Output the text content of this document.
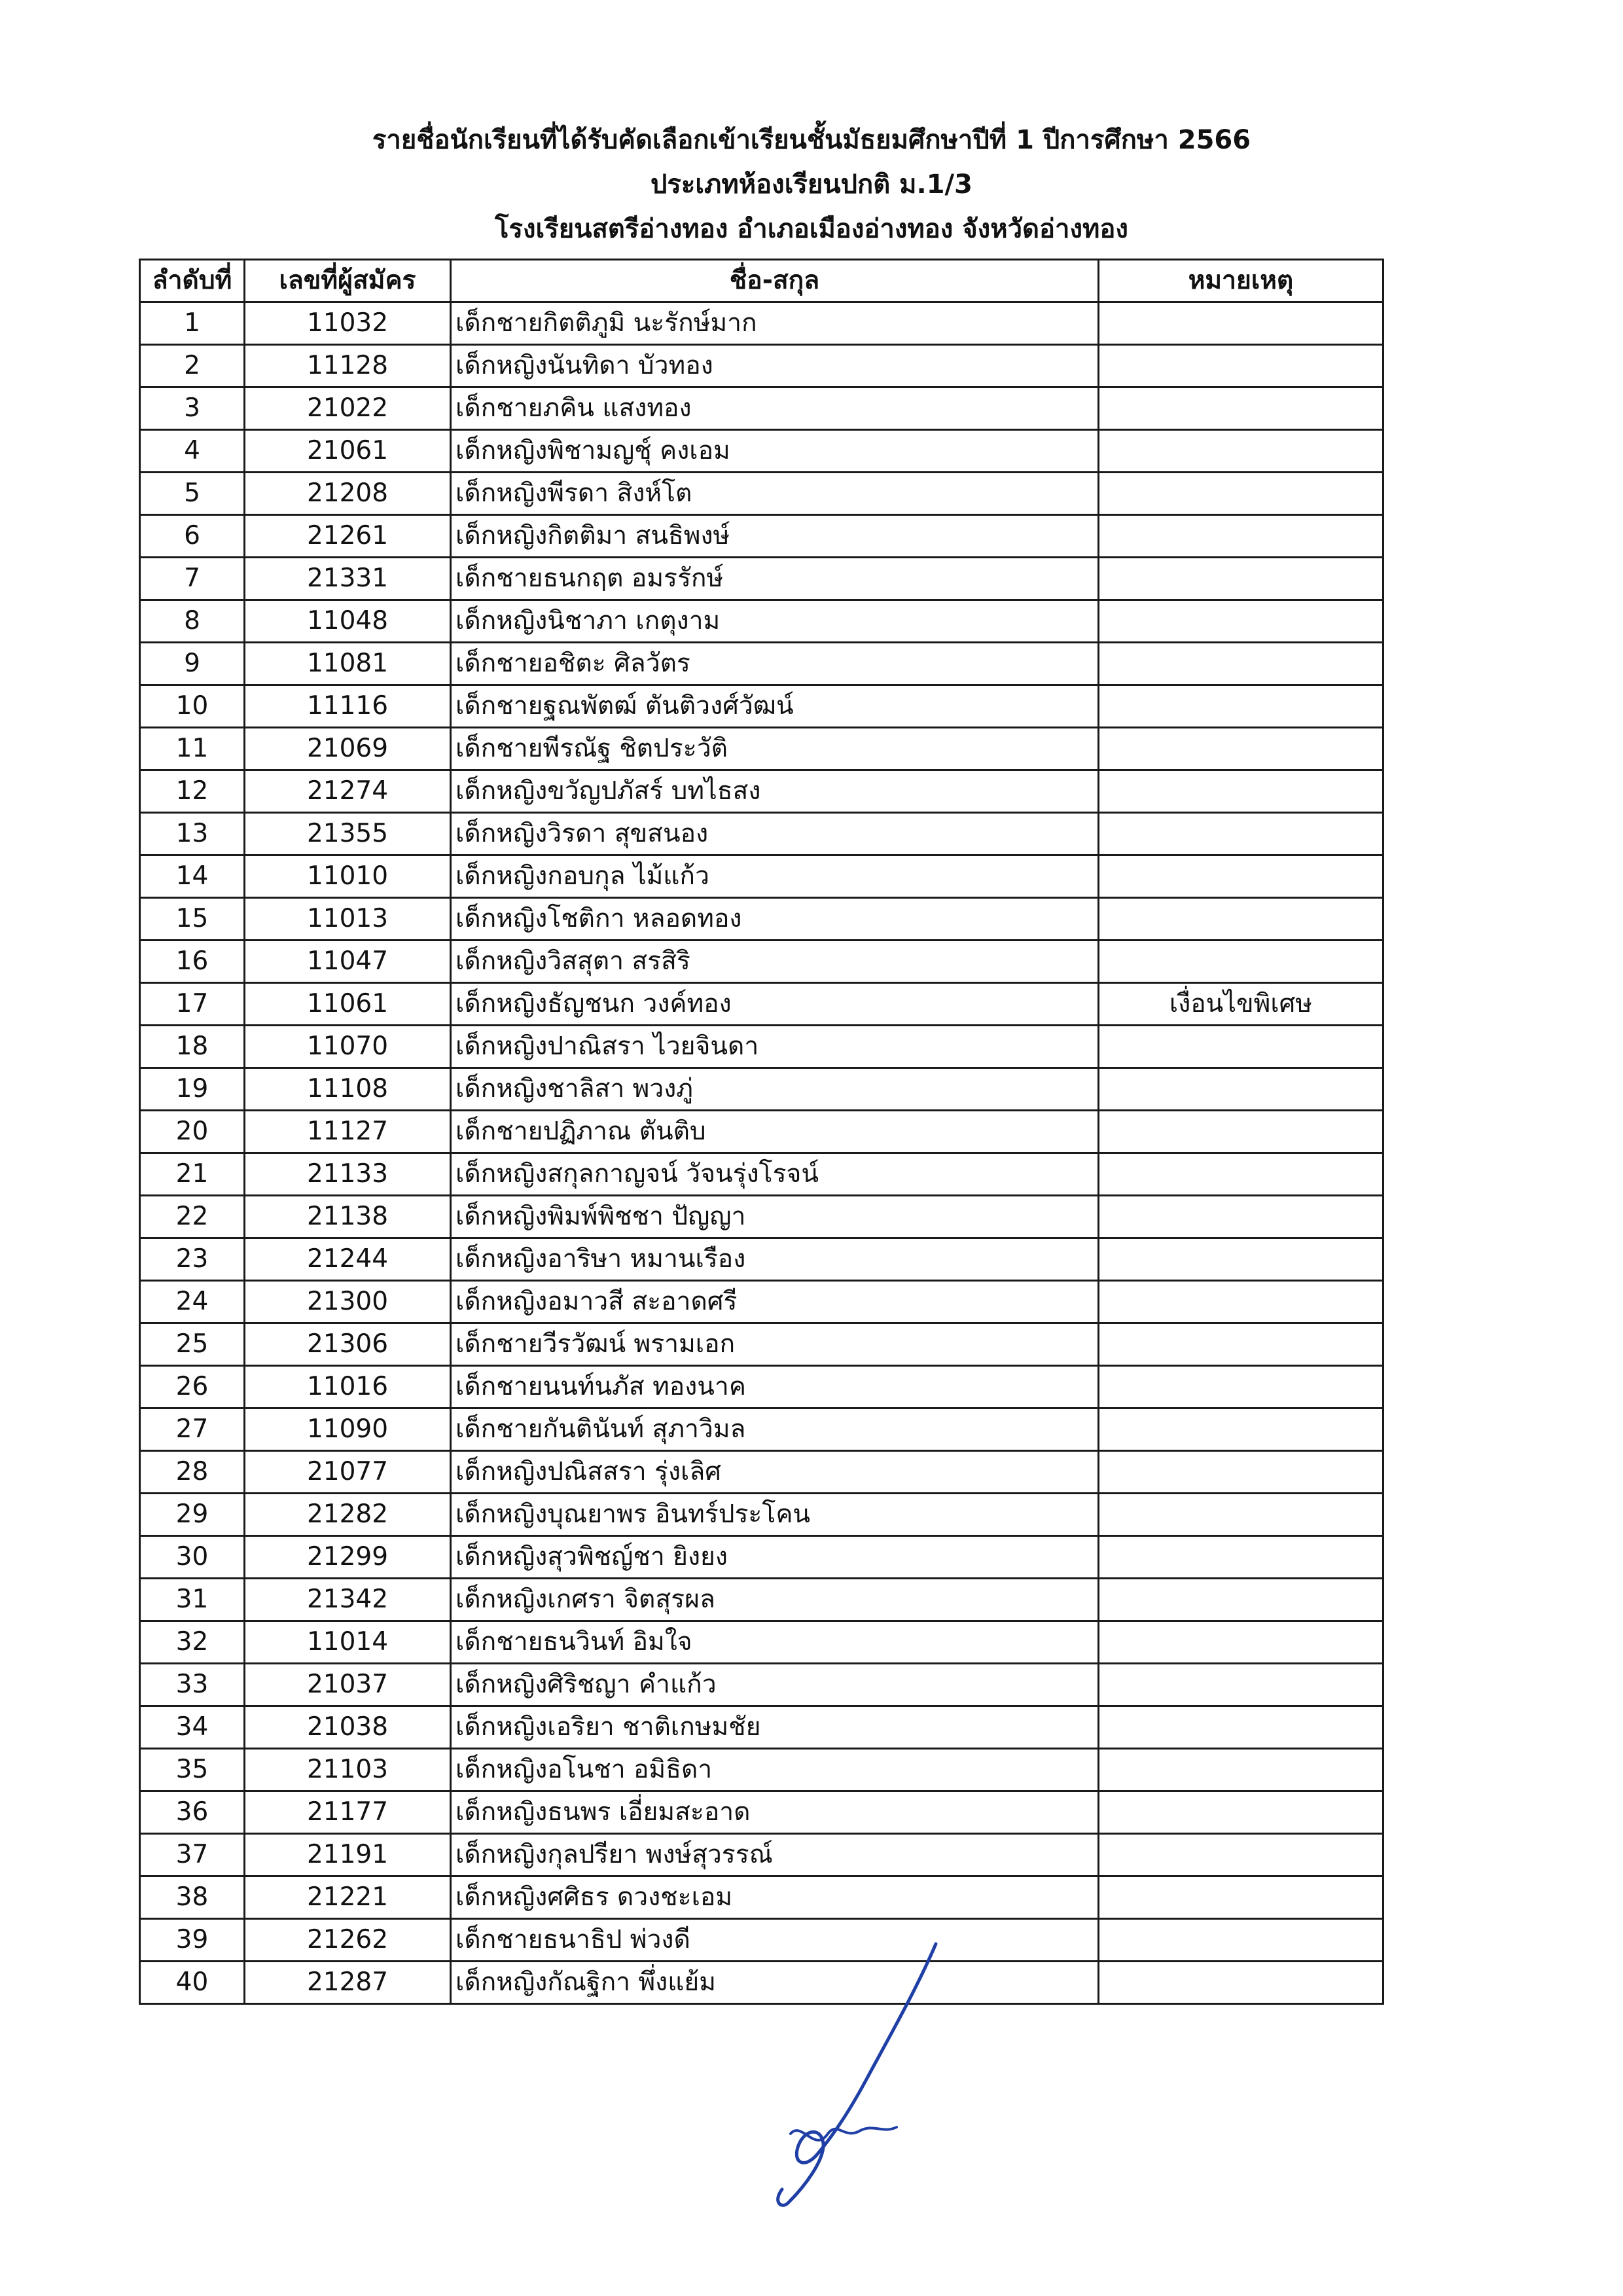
รายชื่อนักเรียนที่ได้รับคัดเลือกเข้าเรียนชั้นมัธยมศึกษาปีที่ 1 ปีการศึกษา 2566
ประเภทห้องเรียนปกติ ม.1/3
โรงเรียนสตรีอ่างทอง อำเภอเมืองอ่างทอง จังหวัดอ่างทอง
ลำดับที่	เลขที่ผู้สมัคร	ชื่อ-สกุล	หมายเหตุ
1	11032	เด็กชายกิตติภูมิ นะรักษ์มาก	
2	11128	เด็กหญิงนันทิดา บัวทอง	
3	21022	เด็กชายภคิน แสงทอง	
4	21061	เด็กหญิงพิชามญชุ์ คงเอม	
5	21208	เด็กหญิงพีรดา สิงห์โต	
6	21261	เด็กหญิงกิตติมา สนธิพงษ์	
7	21331	เด็กชายธนกฤต อมรรักษ์	
8	11048	เด็กหญิงนิชาภา เกตุงาม	
9	11081	เด็กชายอชิตะ ศิลวัตร	
10	11116	เด็กชายฐณพัตฒ์ ตันติวงศ์วัฒน์	
11	21069	เด็กชายพีรณัฐ ชิตประวัติ	
12	21274	เด็กหญิงขวัญปภัสร์ บทไธสง	
13	21355	เด็กหญิงวิรดา สุขสนอง	
14	11010	เด็กหญิงกอบกุล ไม้แก้ว	
15	11013	เด็กหญิงโชติกา หลอดทอง	
16	11047	เด็กหญิงวิสสุตา สรสิริ	
17	11061	เด็กหญิงธัญชนก วงค์ทอง	เงื่อนไขพิเศษ
18	11070	เด็กหญิงปาณิสรา ไวยจินดา	
19	11108	เด็กหญิงชาลิสา พวงภู่	
20	11127	เด็กชายปฏิภาณ ตันติบ	
21	21133	เด็กหญิงสกุลกาญจน์ วัจนรุ่งโรจน์	
22	21138	เด็กหญิงพิมพ์พิชชา ปัญญา	
23	21244	เด็กหญิงอาริษา หมานเรือง	
24	21300	เด็กหญิงอมาวสี สะอาดศรี	
25	21306	เด็กชายวีรวัฒน์ พรามเอก	
26	11016	เด็กชายนนท์นภัส ทองนาค	
27	11090	เด็กชายกันตินันท์ สุภาวิมล	
28	21077	เด็กหญิงปณิสสรา รุ่งเลิศ	
29	21282	เด็กหญิงบุณยาพร อินทร์ประโคน	
30	21299	เด็กหญิงสุวพิชญ์ชา ยิงยง	
31	21342	เด็กหญิงเกศรา จิตสุรผล	
32	11014	เด็กชายธนวินท์ อิมใจ	
33	21037	เด็กหญิงศิริชญา คำแก้ว	
34	21038	เด็กหญิงเอริยา ชาติเกษมชัย	
35	21103	เด็กหญิงอโนชา อมิธิดา	
36	21177	เด็กหญิงธนพร เอี่ยมสะอาด	
37	21191	เด็กหญิงกุลปรียา พงษ์สุวรรณ์	
38	21221	เด็กหญิงศศิธร ดวงชะเอม	
39	21262	เด็กชายธนาธิป พ่วงดี	
40	21287	เด็กหญิงกัณฐิกา พึ่งแย้ม	
